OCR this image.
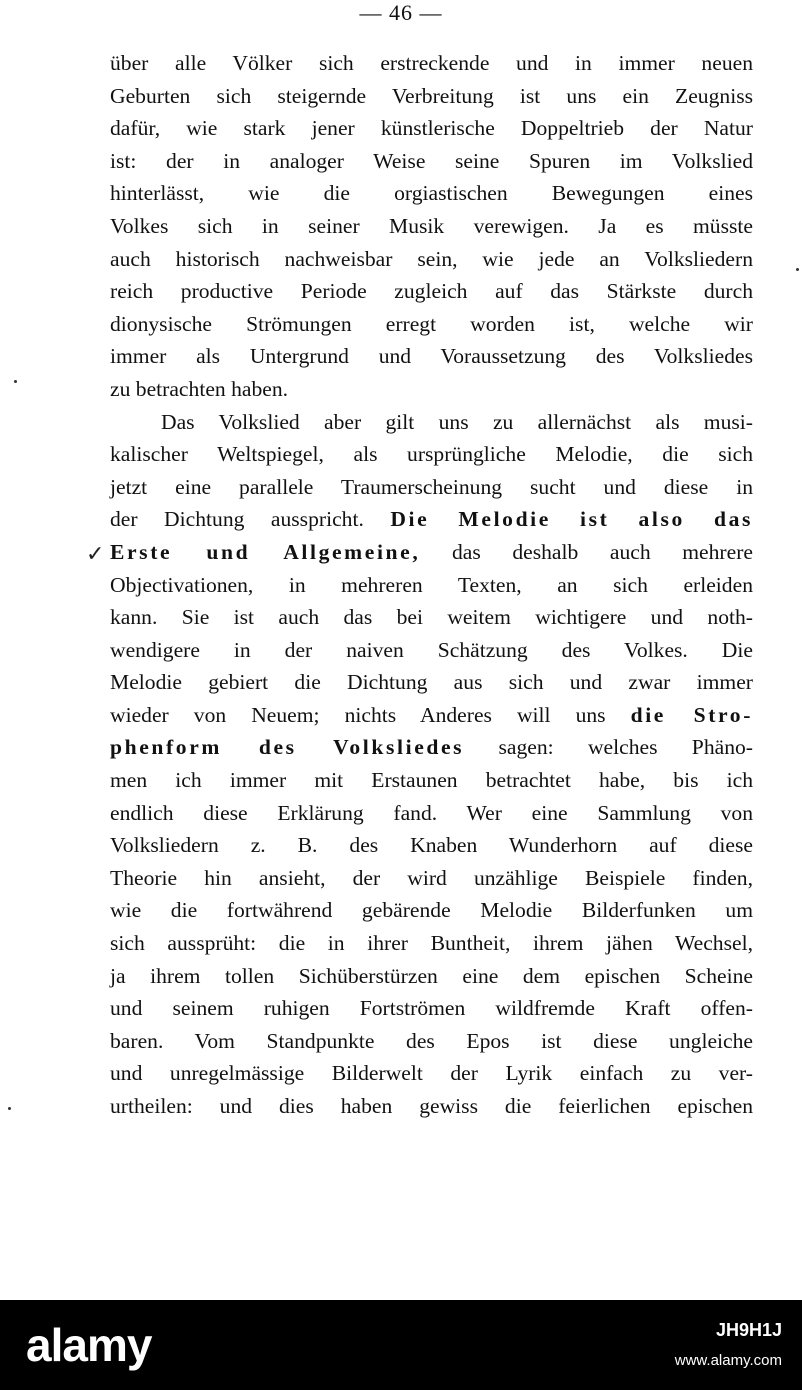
— 46 —
✓
über alle Völker sich erstreckende und in immer neuen
Geburten sich steigernde Verbreitung ist uns ein Zeugniss
dafür, wie stark jener künstlerische Doppeltrieb der Natur
ist: der in analoger Weise seine Spuren im Volkslied
hinterlässt, wie die orgiastischen Bewegungen eines
Volkes sich in seiner Musik verewigen. Ja es müsste
auch historisch nachweisbar sein, wie jede an Volksliedern
reich productive Periode zugleich auf das Stärkste durch
dionysische Strömungen erregt worden ist, welche wir
immer als Untergrund und Voraussetzung des Volksliedes
zu betrachten haben.
Das Volkslied aber gilt uns zu allernächst als musi-
kalischer Weltspiegel, als ursprüngliche Melodie, die sich
jetzt eine parallele Traumerscheinung sucht und diese in
der Dichtung ausspricht. Die Melodie ist also das
Erste und Allgemeine, das deshalb auch mehrere
Objectivationen, in mehreren Texten, an sich erleiden
kann. Sie ist auch das bei weitem wichtigere und noth-
wendigere in der naiven Schätzung des Volkes. Die
Melodie gebiert die Dichtung aus sich und zwar immer
wieder von Neuem; nichts Anderes will uns die Stro-
phenform des Volksliedes sagen: welches Phäno-
men ich immer mit Erstaunen betrachtet habe, bis ich
endlich diese Erklärung fand. Wer eine Sammlung von
Volksliedern z. B. des Knaben Wunderhorn auf diese
Theorie hin ansieht, der wird unzählige Beispiele finden,
wie die fortwährend gebärende Melodie Bilderfunken um
sich aussprüht: die in ihrer Buntheit, ihrem jähen Wechsel,
ja ihrem tollen Sichüberstürzen eine dem epischen Scheine
und seinem ruhigen Fortströmen wildfremde Kraft offen-
baren. Vom Standpunkte des Epos ist diese ungleiche
und unregelmässige Bilderwelt der Lyrik einfach zu ver-
urtheilen: und dies haben gewiss die feierlichen epischen
alamy	JH9H1J
www.alamy.com
